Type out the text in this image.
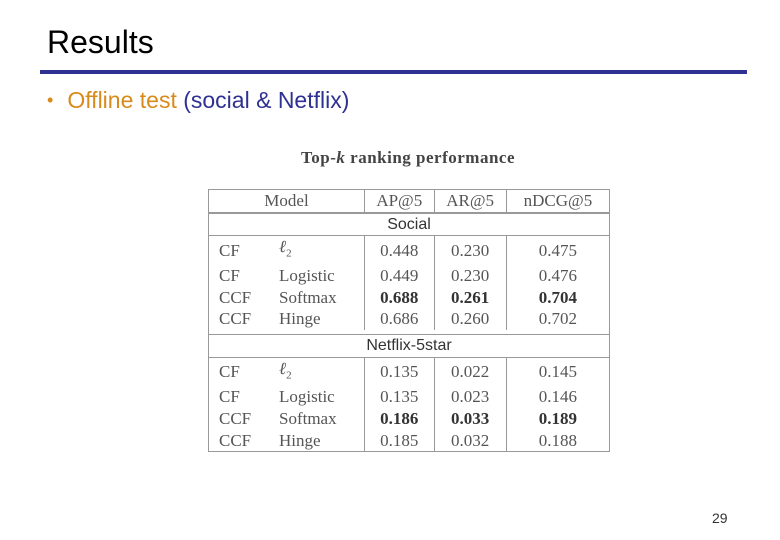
Results
• Offline test (social & Netflix)
Top-k ranking performance
Model		AP@5	AR@5	nDCG@5
Social				
CF	ℓ$_2$	0.448	0.230	0.475
CF	Logistic	0.449	0.230	0.476
CCF	Softmax	0.688	0.261	0.704
CCF	Hinge	0.686	0.260	0.702

Netflix-5star				
CF	ℓ$_2$	0.135	0.022	0.145
CF	Logistic	0.135	0.023	0.146
CCF	Softmax	0.186	0.033	0.189
CCF	Hinge	0.185	0.032	0.188
29
